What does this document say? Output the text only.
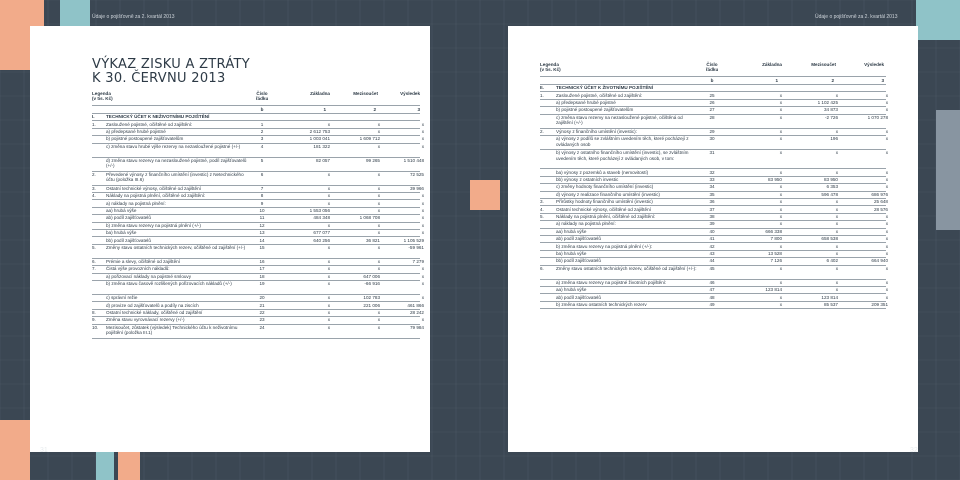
Údaje o pojišťovně za 2. kvartál 2013	Údaje o pojišťovně za 2. kvartál 2013
VÝKAZ ZISKU A ZTRÁTY
K 30. ČERVNU 2013
Legenda
(v tis. Kč)
Číslo
řádku
Základna	Mezisoučet	Výsledek
b	1	2	3
I.	TECHNICKÝ ÚČET K NEŽIVOTNÍMU POJIŠTĚNÍ
1.	Zasloužené pojistné, očištěné od zajištění:	1	x	x	x
a) předepsané hrubé pojistné	2	2 612 753	x	x
b) pojistné postoupené zajišťovatelům	3	1 003 041	1 609 712	x
c) změna stavu hrubé výše rezervy na nezasloužené pojistné (+/-)	4	181 322	x	x
d) změna stavu rezervy na nezasloužené pojistné, podíl zajišťovatelů (+/-)
5	82 057	99 265	1 510 448
2.	Převedené výnosy z finančního umístění (investic) z Netechnického účtu (položka III.6)
6	x	x	72 525
3.	Ostatní technické výnosy, očištěné od zajištění	7	x	x	39 966
4.	Náklady na pojistná plnění, očištěné od zajištění:	8	x	x	x
a) náklady na pojistná plnění:	9	x	x	x
aa) hrubá výše	10	1 553 056	x	x
ab) podíl zajišťovatelů	11	484 348	1 068 708	x
b) změna stavu rezervy na pojistná plnění (+/-)	12	x	x	x
ba) hrubá výše	13	677 077	x	x
bb) podíl zajišťovatelů	14	640 256	36 821	1 105 529
5.	Změny stavu ostatních technických rezerv, očištěné od zajištění (+/-)	15	x	x	-59 961
6.	Prémie a slevy, očištěné od zajištění	16	x	x	7 279
7.	Čistá výše provozních nákladů:	17	x	x	x
a) pořizovací náklady na pojistné smlouvy	18	x	647 006	x
b) změna stavu časově rozlišených pořizovacích nákladů (+/-)	19	x	-66 916	x
c) správní režie	20	x	102 783	x
d) provize od zajišťovatelů a podíly na ziscích	21	x	221 006	461 866
8.	Ostatní technické náklady, očištěné od zajištění	22	x	x	28 242
9.	Změna stavu vyrovnávací rezervy (+/-)	23	x	x	x
10.	Mezisoučet, zůstatek (výsledek) Technického účtu k neživotnímu pojištění (položka III.1)
24	x	x	79 984
Legenda
(v tis. Kč)
Číslo
řádku
Základna	Mezisoučet	Výsledek
b	1	2	3
II.	TECHNICKÝ ÚČET K ŽIVOTNÍMU POJIŠTĚNÍ
1.	Zasloužené pojistné, očištěné od zajištění:	25	x	x	x
a) předepsané hrubé pojistné	26	x	1 102 425	x
b) pojistné postoupené zajišťovatelům	27	x	34 873	x
c) změna stavu rezervy na nezasloužené pojistné, očištěná od zajištění (+/-)
28	x	-2 726	1 070 278
2.	Výnosy z finančního umístění (investic):	29	x	x	x
a) výnosy z podílů se zvláštním uvedením těch, které pocházejí z ovládaných osob
30	x	196	x
b) výnosy z ostatního finančního umístění (investic), se zvláštním uvedením těch, které pocházejí z ovládaných osob, v tom:
31	x	x	x
ba) výnosy z pozemků a staveb (nemovitostí)	32	x	x	x
bb) výnosy z ostatních investic	33	83 950	83 950	x
c) změny hodnoty finančního umístění (investic)	34	x	6 353	x
d) výnosy z realizace finančního umístění (investic)	35	x	596 478	686 976
3.	Přírůstky hodnoty finančního umístění (investic)	36	x	x	25 648
4.	Ostatní technické výnosy, očištěné od zajištění	37	x	x	28 576
5.	Náklady na pojistná plnění, očištěné od zajištění:	38	x	x	x
a) náklady na pojistná plnění:	39	x	x	x
aa) hrubá výše	40	666 338	x	x
ab) podíl zajišťovatelů	41	7 800	658 538	x
b) změna stavu rezervy na pojistná plnění (+/-):	42	x	x	x
ba) hrubá výše	43	13 528	x	x
bb) podíl zajišťovatelů	44	7 126	6 402	664 940
6.	Změny stavu ostatních technických rezerv, očištěné od zajištění (+/-):	45	x	x	x
a) změna stavu rezervy na pojistné životních pojištění:	46	x	x	x
aa) hrubá výše	47	123 814	x	x
ab) podíl zajišťovatelů	48	x	123 814	x
b) změna stavu ostatních technických rezerv	49	x	85 537	209 351
31	32
